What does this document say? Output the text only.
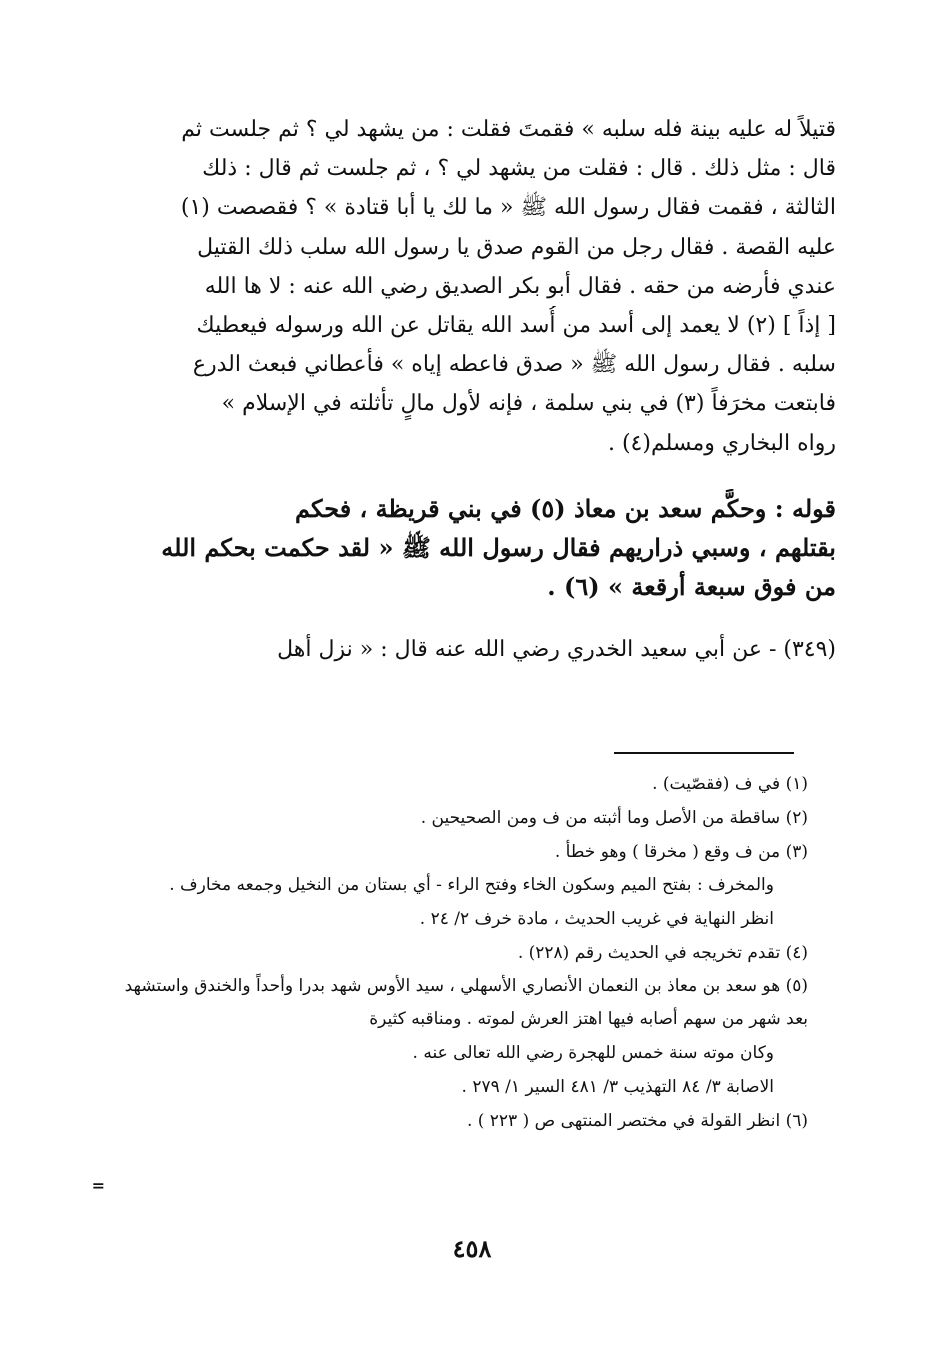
قتيلاً له عليه بينة فله سلبه » فقمتَ فقلت : من يشهد لي ؟ ثم جلست ثم
قال : مثل ذلك . قال : فقلت من يشهد لي ؟ ، ثم جلست ثم قال : ذلك
الثالثة ، فقمت فقال رسول الله ﷺ « ما لك يا أبا قتادة » ؟ فقصصت (١)
عليه القصة . فقال رجل من القوم صدق يا رسول الله سلب ذلك القتيل
عندي فأرضه من حقه . فقال أبو بكر الصديق رضي الله عنه : لا ها الله
[ إذاً ] (٢) لا يعمد إلى أسد من أُسد الله يقاتل عن الله ورسوله فيعطيك
سلبه . فقال رسول الله ﷺ « صدق فاعطه إياه » فأعطاني فبعث الدرع
فابتعت مخرَفاً (٣) في بني سلمة ، فإنه لأول مالٍ تأثلته في الإسلام »
رواه البخاري ومسلم(٤) .
قوله : وحكَّم سعد بن معاذ (٥) في بني قريظة ، فحكم
بقتلهم ، وسبي ذراريهم فقال رسول الله ﷺ « لقد حكمت بحكم الله
من فوق سبعة أرقعة » (٦) .
(٣٤٩) - عن أبي سعيد الخدري رضي الله عنه قال : « نزل أهل
(١) في ف (فقصّيت) .
(٢) ساقطة من الأصل وما أثبته من ف ومن الصحيحين .
(٣) من ف وقع ( مخرقا ) وهو خطأ .
والمخرف : بفتح الميم وسكون الخاء وفتح الراء - أي بستان من النخيل وجمعه مخارف .
انظر النهاية في غريب الحديث ، مادة خرف ٢/ ٢٤ .
(٤) تقدم تخريجه في الحديث رقم (٢٢٨) .
(٥) هو سعد بن معاذ بن النعمان الأنصاري الأسهلي ، سيد الأوس شهد بدرا وأحداً والخندق واستشهد بعد شهر من سهم أصابه فيها اهتز العرش لموته . ومناقبه كثيرة
وكان موته سنة خمس للهجرة رضي الله تعالى عنه .
الاصابة ٣/ ٨٤ التهذيب ٣/ ٤٨١ السير ١/ ٢٧٩ .
(٦) انظر القولة في مختصر المنتهى ص ( ٢٢٣ ) .
=
٤٥٨
